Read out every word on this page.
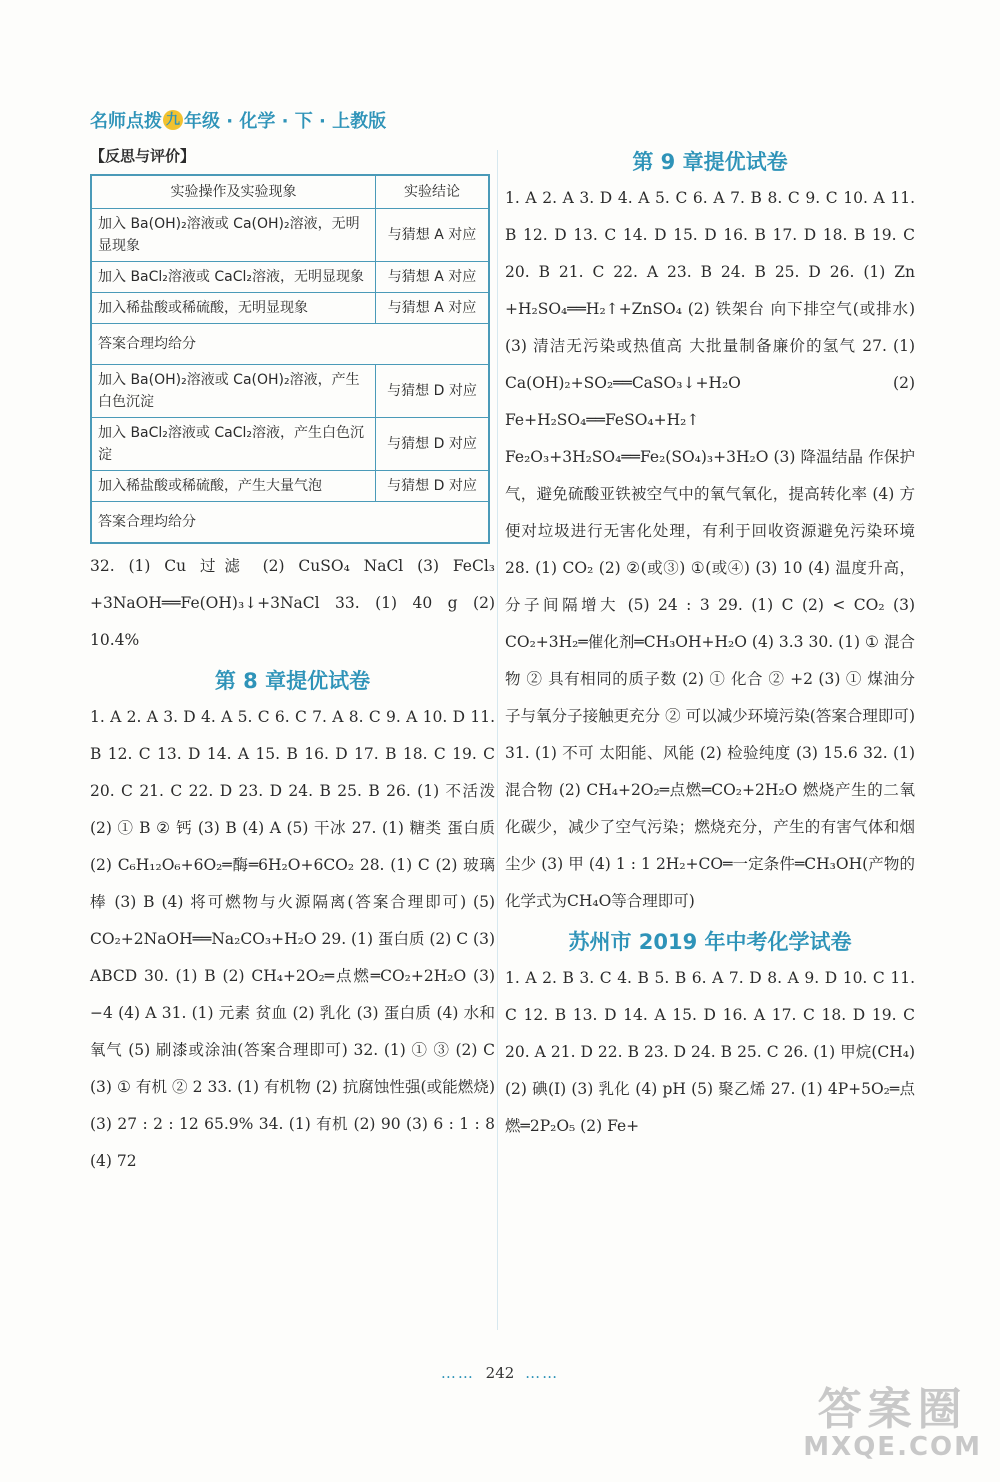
名师点拨 九 年级 · 化学 · 下 · 上教版
【反思与评价】
实验操作及实验现象	实验结论
加入 Ba(OH)₂溶液或 Ca(OH)₂溶液，无明显现象	与猜想 A 对应
加入 BaCl₂溶液或 CaCl₂溶液，无明显现象	与猜想 A 对应
加入稀盐酸或稀硫酸，无明显现象	与猜想 A 对应
答案合理均给分	
加入 Ba(OH)₂溶液或 Ca(OH)₂溶液，产生白色沉淀	与猜想 D 对应
加入 BaCl₂溶液或 CaCl₂溶液，产生白色沉淀	与猜想 D 对应
加入稀盐酸或稀硫酸，产生大量气泡	与猜想 D 对应
答案合理均给分	

32. (1) Cu 过滤 (2) CuSO₄ NaCl (3) FeCl₃ +3NaOH══Fe(OH)₃↓+3NaCl 33. (1) 40 g (2) 10.4%

第 8 章提优试卷

1. A 2. A 3. D 4. A 5. C 6. C 7. A 8. C 9. A 10. D 11. B 12. C 13. D 14. A 15. B 16. D 17. B 18. C 19. C 20. C 21. C 22. D 23. D 24. B 25. B 26. (1) 不活泼 (2) ① B ② 钙 (3) B (4) A (5) 干冰 27. (1) 糖类 蛋白质 (2) C₆H₁₂O₆+6O₂═酶═6H₂O+6CO₂ 28. (1) C (2) 玻璃棒 (3) B (4) 将可燃物与火源隔离(答案合理即可) (5) CO₂+2NaOH══Na₂CO₃+H₂O 29. (1) 蛋白质 (2) C (3) ABCD 30. (1) B (2) CH₄+2O₂═点燃═CO₂+2H₂O (3) −4 (4) A 31. (1) 元素 贫血 (2) 乳化 (3) 蛋白质 (4) 水和氧气 (5) 刷漆或涂油(答案合理即可) 32. (1) ① ③ (2) C (3) ① 有机 ② 2 33. (1) 有机物 (2) 抗腐蚀性强(或能燃烧) (3) 27 : 2 : 12 65.9% 34. (1) 有机 (2) 90 (3) 6 : 1 : 8 (4) 72

第 9 章提优试卷

1. A 2. A 3. D 4. A 5. C 6. A 7. B 8. C 9. C 10. A 11. B 12. D 13. C 14. D 15. D 16. B 17. D 18. B 19. C 20. B 21. C 22. A 23. B 24. B 25. D 26. (1) Zn +H₂SO₄══H₂↑+ZnSO₄ (2) 铁架台 向下排空气(或排水) (3) 清洁无污染或热值高 大批量制备廉价的氢气 27. (1) Ca(OH)₂+SO₂══CaSO₃↓+H₂O (2) Fe+H₂SO₄══FeSO₄+H₂↑ Fe₂O₃+3H₂SO₄══Fe₂(SO₄)₃+3H₂O (3) 降温结晶 作保护气，避免硫酸亚铁被空气中的氧气氧化，提高转化率 (4) 方便对垃圾进行无害化处理，有利于回收资源避免污染环境 28. (1) CO₂ (2) ②(或③) ①(或④) (3) 10 (4) 温度升高，分子间隔增大 (5) 24 : 3 29. (1) C (2) < CO₂ (3) CO₂+3H₂═催化剂═CH₃OH+H₂O (4) 3.3 30. (1) ① 混合物 ② 具有相同的质子数 (2) ① 化合 ② +2 (3) ① 煤油分子与氧分子接触更充分 ② 可以减少环境污染(答案合理即可) 31. (1) 不可 太阳能、风能 (2) 检验纯度 (3) 15.6 32. (1) 混合物 (2) CH₄+2O₂═点燃═CO₂+2H₂O 燃烧产生的二氧化碳少，减少了空气污染；燃烧充分，产生的有害气体和烟尘少 (3) 甲 (4) 1 : 1 2H₂+CO═一定条件═CH₃OH(产物的化学式为CH₄O等合理即可)

苏州市 2019 年中考化学试卷

1. A 2. B 3. C 4. B 5. B 6. A 7. D 8. A 9. D 10. C 11. C 12. B 13. D 14. A 15. D 16. A 17. C 18. D 19. C 20. A 21. D 22. B 23. D 24. B 25. C 26. (1) 甲烷(CH₄) (2) 碘(I) (3) 乳化 (4) pH (5) 聚乙烯 27. (1) 4P+5O₂═点燃═2P₂O₅ (2) Fe+

…… 242 ……
答案圈
MXQE.COM
